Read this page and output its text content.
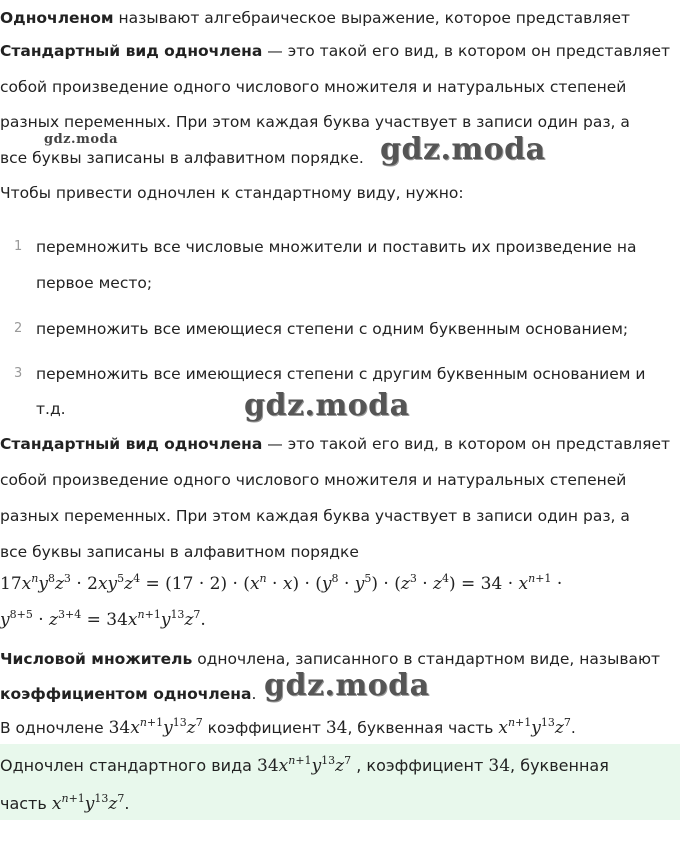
Одночленом называют алгебраическое выражение, которое представляет
Стандартный вид одночлена — это такой его вид, в котором он представляет
собой произведение одного числового множителя и натуральных степеней
разных переменных. При этом каждая буква участвует в записи один раз, а
gdz.moda
все буквы записаны в алфавитном порядке. gdz.moda
Чтобы привести одночлен к стандартному виду, нужно:
1 перемножить все числовые множители и поставить их произведение на
первое место;
2 перемножить все имеющиеся степени с одним буквенным основанием;
3 перемножить все имеющиеся степени с другим буквенным основанием и
т.д.	gdz.moda
Стандартный вид одночлена — это такой его вид, в котором он представляет
собой произведение одного числового множителя и натуральных степеней
разных переменных. При этом каждая буква участвует в записи один раз, а
все буквы записаны в алфавитном порядке
$17x^ny^8z^3 \cdot 2xy^5z^4 = (17 \cdot 2) \cdot (x^n \cdot x) \cdot (y^8 \cdot y^5) \cdot (z^3 \cdot z^4) = 34 \cdot x^{n+1}$ ·
$y^{8+5} \cdot z^{3+4} = 34x^{n+1}y^{13}z^7$.
Числовой множитель одночлена, записанного в стандартном виде, называют
коэффициентом одночлена. gdz.moda
В одночлене $34x^{n+1}y^{13}z^7$ коэффициент 34, буквенная часть $x^{n+1}y^{13}z^7$.
Одночлен стандартного вида $34x^{n+1}y^{13}z^7$ , коэффициент 34, буквенная
часть $x^{n+1}y^{13}z^7$.
